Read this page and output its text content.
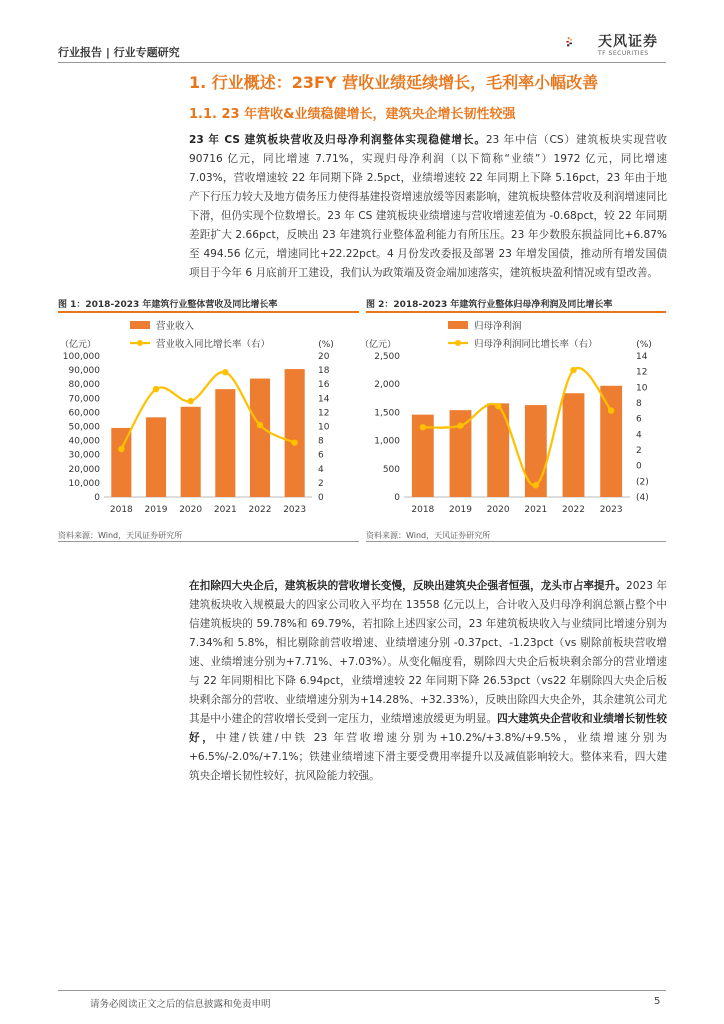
行业报告 | 行业专题研究
天风证券
TF SECURITIES
1. 行业概述：23FY 营收业绩延续增长，毛利率小幅改善
1.1. 23 年营收&业绩稳健增长，建筑央企增长韧性较强
23 年 CS 建筑板块营收及归母净利润整体实现稳健增长。23 年中信（CS）建筑板块实现营收 90716 亿元，同比增速 7.71%，实现归母净利润（以下简称“业绩”）1972 亿元，同比增速 7.03%，营收增速较 22 年同期下降 2.5pct，业绩增速较 22 年同期上下降 5.16pct，23 年由于地产下行压力较大及地方债务压力使得基建投资增速放缓等因素影响，建筑板块整体营收及利润增速同比下滑，但仍实现个位数增长。23 年 CS 建筑板块业绩增速与营收增速差值为 -0.68pct，较 22 年同期差距扩大 2.66pct，反映出 23 年建筑行业整体盈利能力有所压压。23 年少数股东损益同比+6.87%至 494.56 亿元，增速同比+22.22pct。4 月份发改委报及部署 23 年增发国债，推动所有增发国债项目于今年 6 月底前开工建设，我们认为政策端及资金端加速落实，建筑板块盈利情况或有望改善。
图 1：2018-2023 年建筑行业整体营收及同比增长率
（亿元）	(%)
0
10,000
20,000
30,000
40,000
50,000
60,000
70,000
80,000
90,000
100,000
0
2
4
6
8
10
12
14
16
18
20
2018 2019 2020 2021 2022 2023
营业收入
营业收入同比增长率（右）
资料来源：Wind，天风证券研究所
图 2：2018-2023 年建筑行业整体归母净利润及同比增长率
（亿元）	(%)
0
500
1,000
1,500
2,000
2,500
(4)
(2)
0
2
4
6
8
10
12
14
2018 2019 2020 2021 2022 2023
归母净利润
归母净利润同比增长率（右）
资料来源：Wind，天风证券研究所
在扣除四大央企后，建筑板块的营收增长变慢，反映出建筑央企强者恒强，龙头市占率提升。2023 年建筑板块收入规模最大的四家公司收入平均在 13558 亿元以上，合计收入及归母净利润总额占整个中信建筑板块的 59.78%和 69.79%，若扣除上述四家公司，23 年建筑板块收入与业绩同比增速分别为 7.34%和 5.8%，相比剔除前营收增速、业绩增速分别 -0.37pct、-1.23pct（vs 剔除前板块营收增速、业绩增速分别为+7.71%、+7.03%）。从变化幅度看，剔除四大央企后板块剩余部分的营业增速与 22 年同期相比下降 6.94pct，业绩增速较 22 年同期下降 26.53pct（vs22 年剔除四大央企后板块剩余部分的营收、业绩增速分别为+14.28%、+32.33%），反映出除四大央企外，其余建筑公司尤其是中小建企的营收增长受到一定压力，业绩增速放缓更为明显。四大建筑央企营收和业绩增长韧性较好，中建/铁建/中铁 23 年营收增速分别为+10.2%/+3.8%/+9.5%，业绩增速分别为+6.5%/-2.0%/+7.1%；铁建业绩增速下滑主要受费用率提升以及减值影响较大。整体来看，四大建筑央企增长韧性较好，抗风险能力较强。
请务必阅读正文之后的信息披露和免责申明	5
